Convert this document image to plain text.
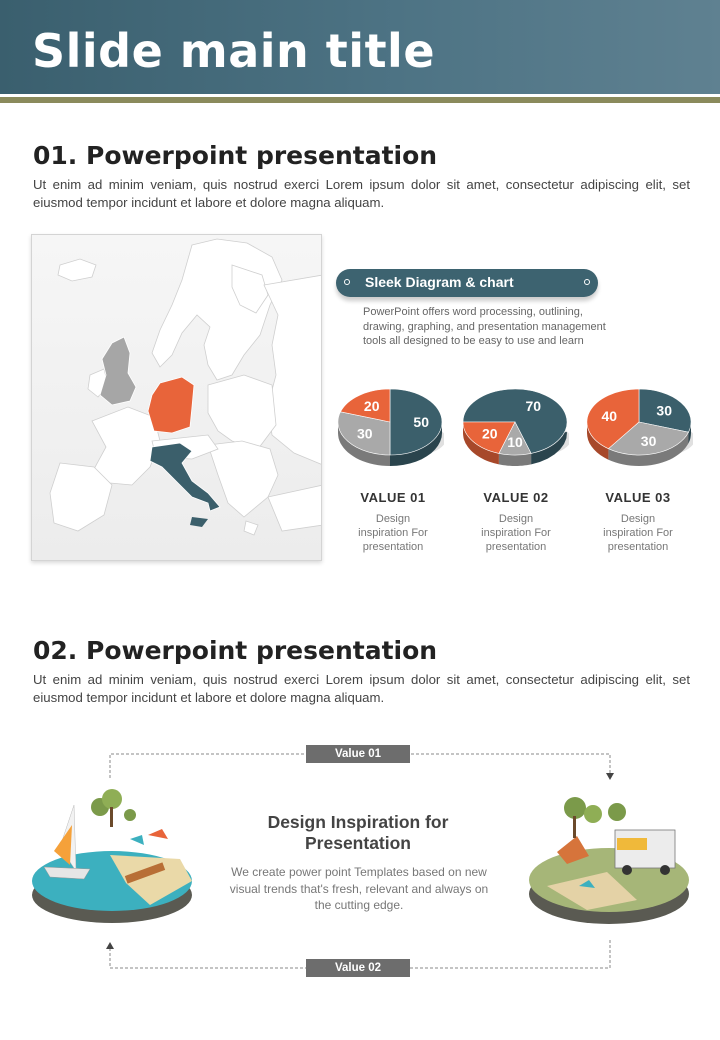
Slide main title
01. Powerpoint presentation
Ut enim ad minim veniam, quis nostrud exerci Lorem ipsum dolor sit amet, consectetur adipiscing elit, set eiusmod tempor incidunt et labore et dolore magna aliquam.
Sleek Diagram & chart
PowerPoint offers word processing, outlining, drawing, graphing, and presentation management tools all designed to be easy to use and learn
50
30
20	70
10
20
30
30
40
VALUE 01	VALUE 02	VALUE 03
Design inspiration For presentation
Design inspiration For presentation
Design inspiration For presentation
02. Powerpoint presentation
Ut enim ad minim veniam, quis nostrud exerci Lorem ipsum dolor sit amet, consectetur adipiscing elit, set eiusmod tempor incidunt et labore et dolore magna aliquam.
Value 01
Value 02
Design Inspiration for Presentation
We create power point Templates based on new visual trends that's fresh, relevant and always on the cutting edge.
